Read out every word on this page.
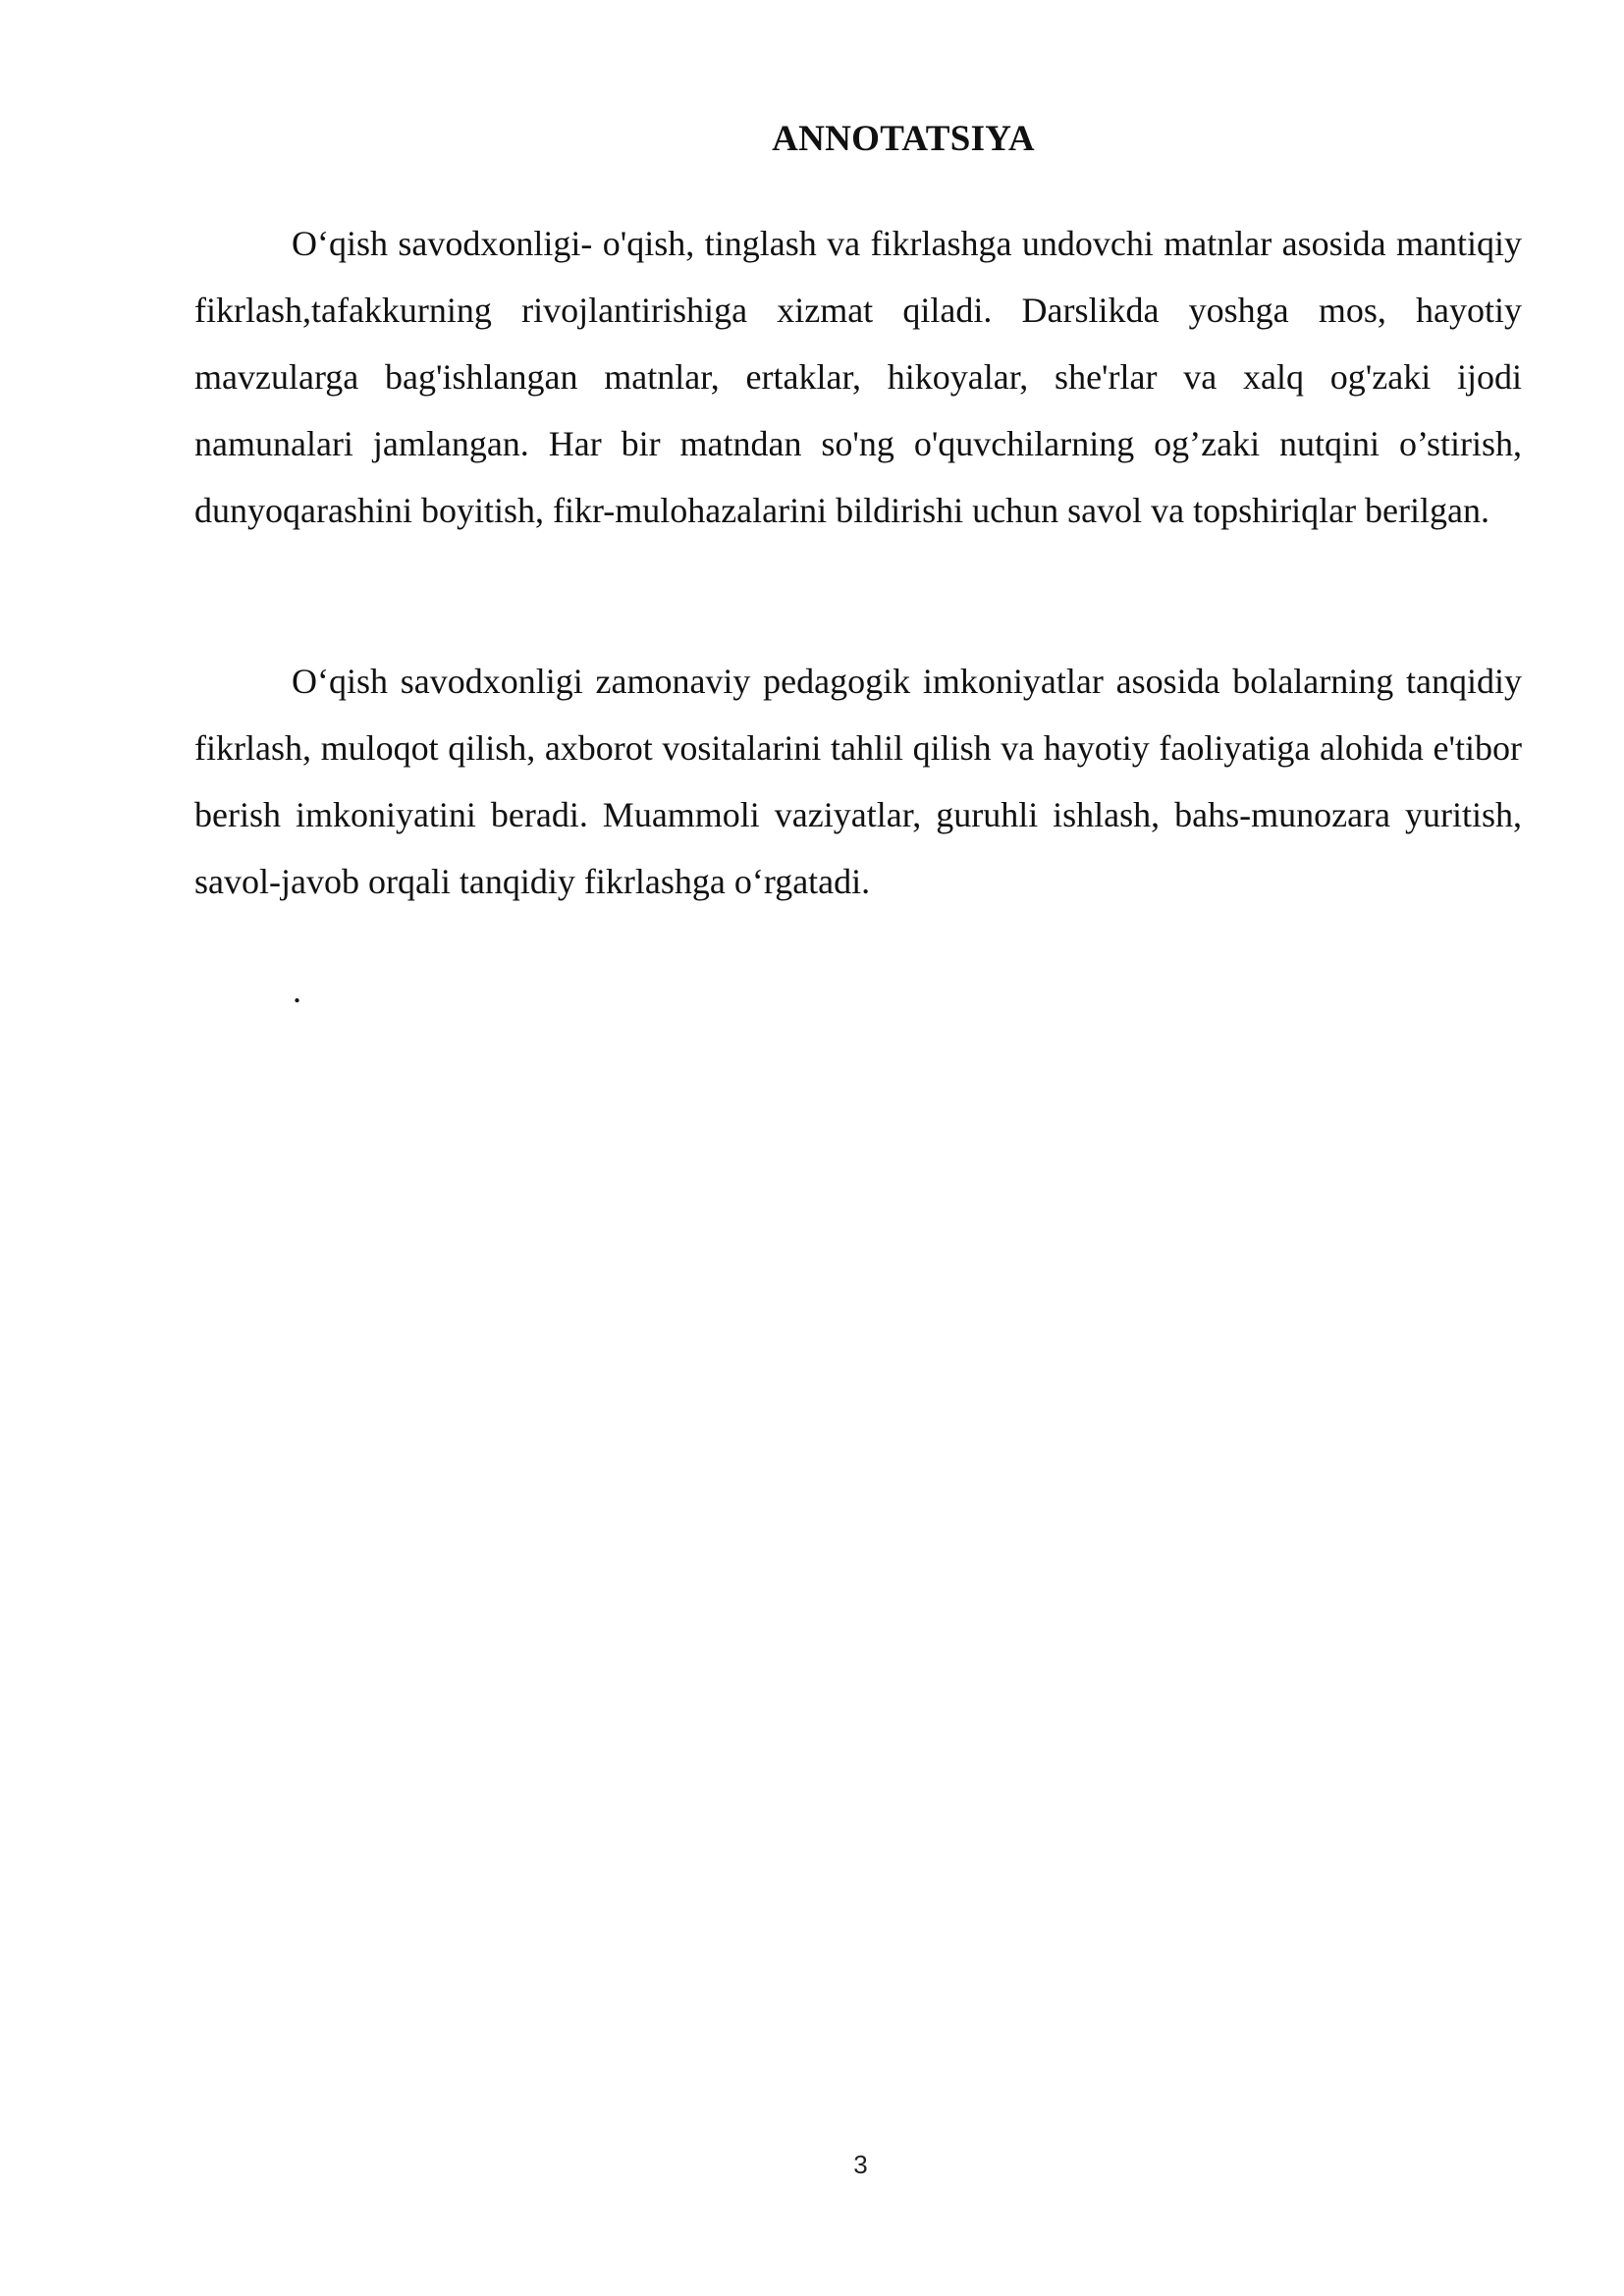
ANNOTATSIYA

O‘qish savodxonligi- o'qish, tinglash va fikrlashga undovchi matnlar asosida mantiqiy fikrlash,tafakkurning rivojlantirishiga xizmat qiladi. Darslikda yoshga mos, hayotiy mavzularga bag'ishlangan matnlar, ertaklar, hikoyalar, she'rlar va xalq og'zaki ijodi namunalari jamlangan. Har bir matndan so'ng o'quvchilarning og’zaki nutqini o’stirish, dunyoqarashini boyitish, fikr-mulohazalarini bildirishi uchun savol va topshiriqlar berilgan.

O‘qish savodxonligi zamonaviy pedagogik imkoniyatlar asosida bolalarning tanqidiy fikrlash, muloqot qilish, axborot vositalarini tahlil qilish va hayotiy faoliyatiga alohida e'tibor berish imkoniyatini beradi. Muammoli vaziyatlar, guruhli ishlash, bahs-munozara yuritish, savol-javob orqali tanqidiy fikrlashga o‘rgatadi.

.

3
